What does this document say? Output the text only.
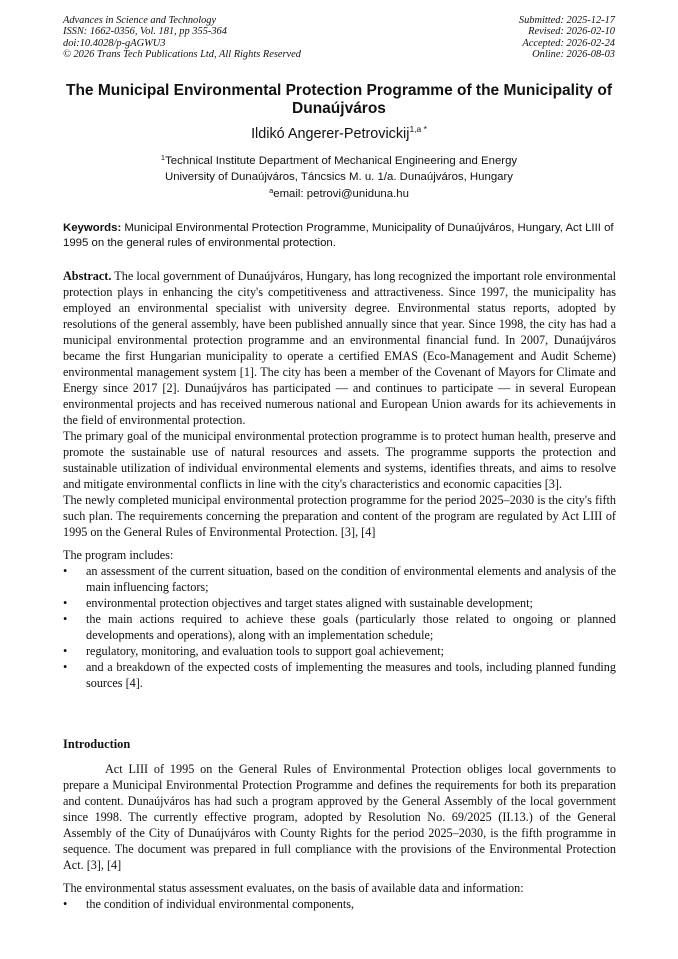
Advances in Science and Technology
ISSN: 1662-0356, Vol. 181, pp 355-364
doi:10.4028/p-gAGWU3
© 2026 Trans Tech Publications Ltd, All Rights Reserved
Submitted: 2025-12-17
Revised: 2026-02-10
Accepted: 2026-02-24
Online: 2026-08-03
The Municipal Environmental Protection Programme of the Municipality of Dunaújváros

Ildikó Angerer-Petrovickij$^{1,a *}$

$^1$Technical Institute Department of Mechanical Engineering and Energy
University of Dunaújváros, Táncsics M. u. 1/a. Dunaújváros, Hungary
$^a$email: petrovi@uniduna.hu
Keywords: Municipal Environmental Protection Programme, Municipality of Dunaújváros, Hungary, Act LIII of 1995 on the general rules of environmental protection.

Abstract. The local government of Dunaújváros, Hungary, has long recognized the important role environmental protection plays in enhancing the city's competitiveness and attractiveness. Since 1997, the municipality has employed an environmental specialist with university degree. Environmental status reports, adopted by resolutions of the general assembly, have been published annually since that year. Since 1998, the city has had a municipal environmental protection programme and an environmental financial fund. In 2007, Dunaújváros became the first Hungarian municipality to operate a certified EMAS (Eco-Management and Audit Scheme) environmental management system [1]. The city has been a member of the Covenant of Mayors for Climate and Energy since 2017 [2]. Dunaújváros has participated — and continues to participate — in several European environmental projects and has received numerous national and European Union awards for its achievements in the field of environmental protection.

The primary goal of the municipal environmental protection programme is to protect human health, preserve and promote the sustainable use of natural resources and assets. The programme supports the protection and sustainable utilization of individual environmental elements and systems, identifies threats, and aims to resolve and mitigate environmental conflicts in line with the city's characteristics and economic capacities [3].

The newly completed municipal environmental protection programme for the period 2025–2030 is the city's fifth such plan. The requirements concerning the preparation and content of the program are regulated by Act LIII of 1995 on the General Rules of Environmental Protection. [3], [4]

The program includes:

•	an assessment of the current situation, based on the condition of environmental elements and analysis of the main influencing factors;
•	environmental protection objectives and target states aligned with sustainable development;
•	the main actions required to achieve these goals (particularly those related to ongoing or planned developments and operations), along with an implementation schedule;
•	regulatory, monitoring, and evaluation tools to support goal achievement;
•	and a breakdown of the expected costs of implementing the measures and tools, including planned funding sources [4].
Introduction

Act LIII of 1995 on the General Rules of Environmental Protection obliges local governments to prepare a Municipal Environmental Protection Programme and defines the requirements for both its preparation and content. Dunaújváros has had such a program approved by the General Assembly of the local government since 1998. The currently effective program, adopted by Resolution No. 69/2025 (II.13.) of the General Assembly of the City of Dunaújváros with County Rights for the period 2025–2030, is the fifth programme in sequence. The document was prepared in full compliance with the provisions of the Environmental Protection Act. [3], [4]

The environmental status assessment evaluates, on the basis of available data and information:

•	the condition of individual environmental components,
